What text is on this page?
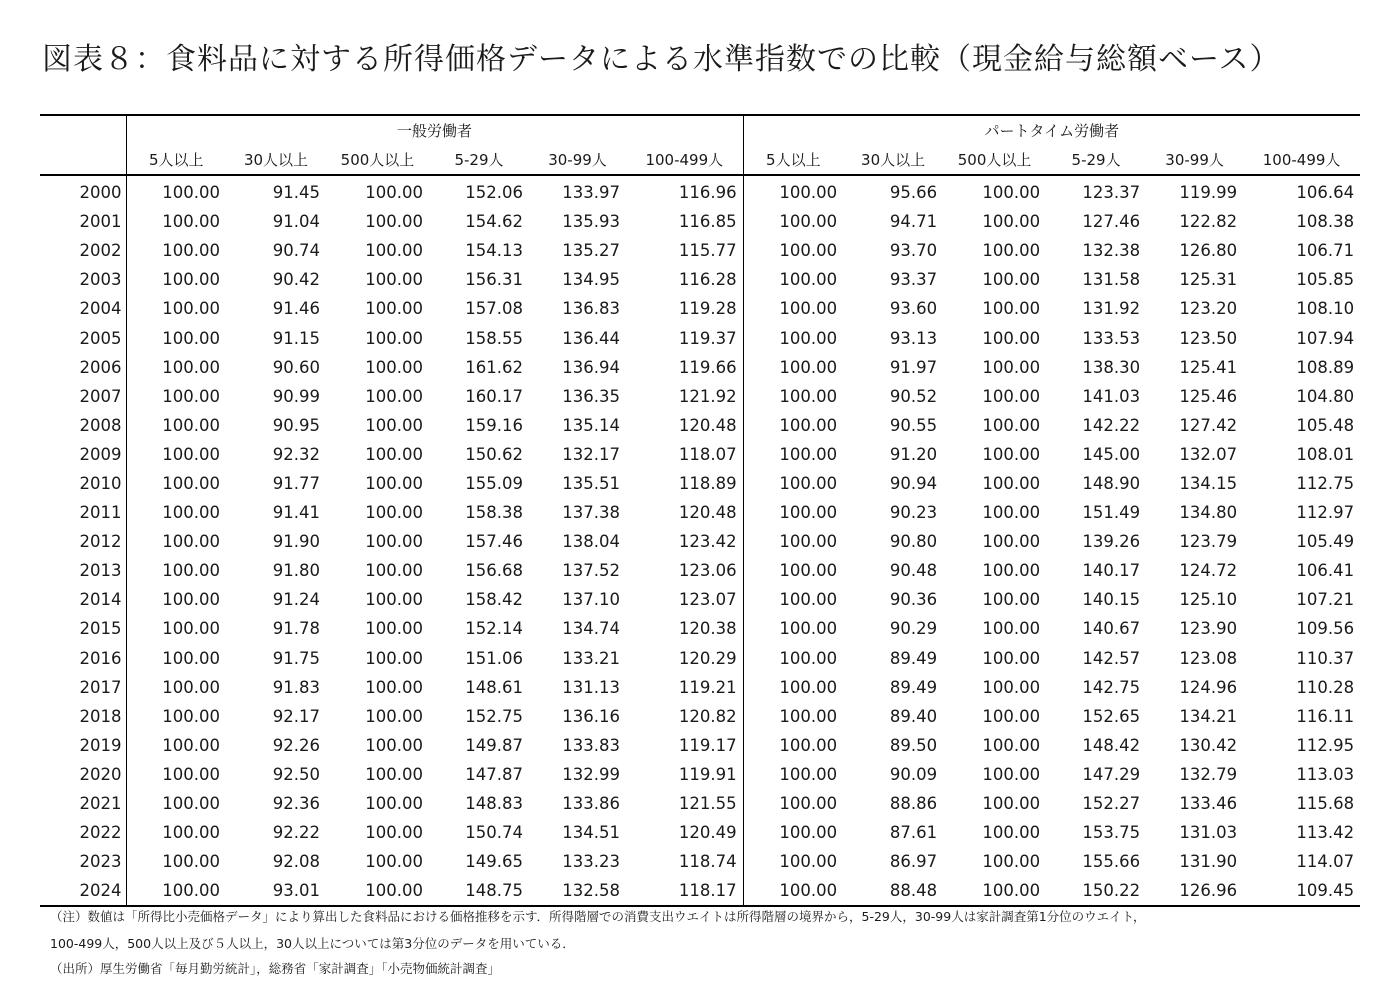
図表８：食料品に対する所得価格データによる水準指数での比較（現金給与総額ベース）
	一般労働者						パートタイム労働者					
	5人以上	30人以上	500人以上	5-29人	30-99人	100-499人	5人以上	30人以上	500人以上	5-29人	30-99人	100-499人
2000	100.00	91.45	100.00	152.06	133.97	116.96	100.00	95.66	100.00	123.37	119.99	106.64
2001	100.00	91.04	100.00	154.62	135.93	116.85	100.00	94.71	100.00	127.46	122.82	108.38
2002	100.00	90.74	100.00	154.13	135.27	115.77	100.00	93.70	100.00	132.38	126.80	106.71
2003	100.00	90.42	100.00	156.31	134.95	116.28	100.00	93.37	100.00	131.58	125.31	105.85
2004	100.00	91.46	100.00	157.08	136.83	119.28	100.00	93.60	100.00	131.92	123.20	108.10
2005	100.00	91.15	100.00	158.55	136.44	119.37	100.00	93.13	100.00	133.53	123.50	107.94
2006	100.00	90.60	100.00	161.62	136.94	119.66	100.00	91.97	100.00	138.30	125.41	108.89
2007	100.00	90.99	100.00	160.17	136.35	121.92	100.00	90.52	100.00	141.03	125.46	104.80
2008	100.00	90.95	100.00	159.16	135.14	120.48	100.00	90.55	100.00	142.22	127.42	105.48
2009	100.00	92.32	100.00	150.62	132.17	118.07	100.00	91.20	100.00	145.00	132.07	108.01
2010	100.00	91.77	100.00	155.09	135.51	118.89	100.00	90.94	100.00	148.90	134.15	112.75
2011	100.00	91.41	100.00	158.38	137.38	120.48	100.00	90.23	100.00	151.49	134.80	112.97
2012	100.00	91.90	100.00	157.46	138.04	123.42	100.00	90.80	100.00	139.26	123.79	105.49
2013	100.00	91.80	100.00	156.68	137.52	123.06	100.00	90.48	100.00	140.17	124.72	106.41
2014	100.00	91.24	100.00	158.42	137.10	123.07	100.00	90.36	100.00	140.15	125.10	107.21
2015	100.00	91.78	100.00	152.14	134.74	120.38	100.00	90.29	100.00	140.67	123.90	109.56
2016	100.00	91.75	100.00	151.06	133.21	120.29	100.00	89.49	100.00	142.57	123.08	110.37
2017	100.00	91.83	100.00	148.61	131.13	119.21	100.00	89.49	100.00	142.75	124.96	110.28
2018	100.00	92.17	100.00	152.75	136.16	120.82	100.00	89.40	100.00	152.65	134.21	116.11
2019	100.00	92.26	100.00	149.87	133.83	119.17	100.00	89.50	100.00	148.42	130.42	112.95
2020	100.00	92.50	100.00	147.87	132.99	119.91	100.00	90.09	100.00	147.29	132.79	113.03
2021	100.00	92.36	100.00	148.83	133.86	121.55	100.00	88.86	100.00	152.27	133.46	115.68
2022	100.00	92.22	100.00	150.74	134.51	120.49	100.00	87.61	100.00	153.75	131.03	113.42
2023	100.00	92.08	100.00	149.65	133.23	118.74	100.00	86.97	100.00	155.66	131.90	114.07
2024	100.00	93.01	100.00	148.75	132.58	118.17	100.00	88.48	100.00	150.22	126.96	109.45
（注）数値は「所得比小売価格データ」により算出した食料品における価格推移を示す．所得階層での消費支出ウエイトは所得階層の境界から，5-29人，30-99人は家計調査第1分位のウエイト，
100-499人，500人以上及び５人以上，30人以上については第3分位のデータを用いている．
（出所）厚生労働省「毎月勤労統計」，総務省「家計調査」「小売物価統計調査」
